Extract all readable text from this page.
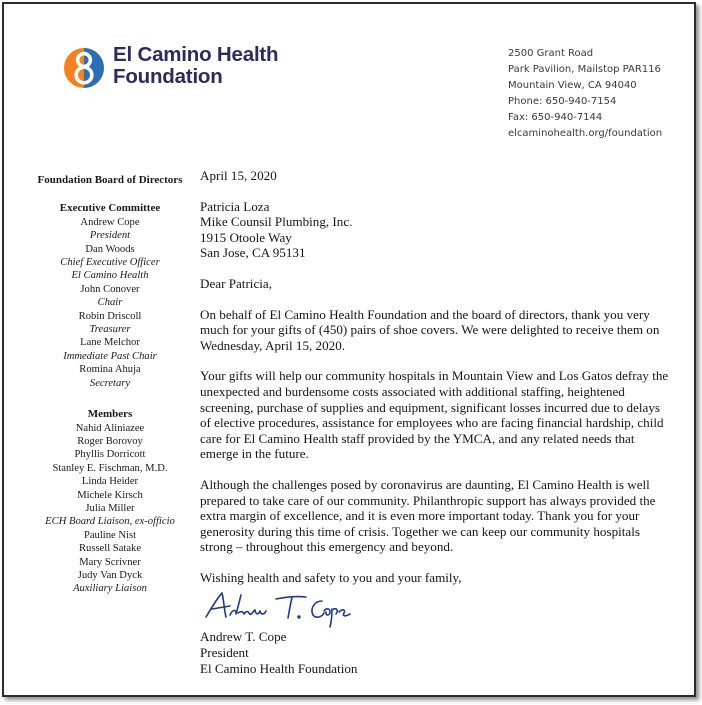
El Camino Health
Foundation
2500 Grant Road
Park Pavilion, Mailstop PAR116
Mountain View, CA 94040
Phone: 650-940-7154
Fax: 650-940-7144
elcaminohealth.org/foundation
Foundation Board of Directors
Executive Committee
Andrew Cope
President
Dan Woods
Chief Executive Officer
El Camino Health
John Conover
Chair
Robin Driscoll
Treasurer
Lane Melchor
Immediate Past Chair
Romina Ahuja
Secretary
Members
Nahid Aliniazee
Roger Borovoy
Phyllis Dorricott
Stanley E. Fischman, M.D.
Linda Heider
Michele Kirsch
Julia Miller
ECH Board Liaison, ex-officio
Pauline Nist
Russell Satake
Mary Scrivner
Judy Van Dyck
Auxiliary Liaison

April 15, 2020

Patricia Loza
Mike Counsil Plumbing, Inc.
1915 Otoole Way
San Jose, CA 95131

Dear Patricia,

On behalf of El Camino Health Foundation and the board of directors, thank you very
much for your gifts of (450) pairs of shoe covers. We were delighted to receive them on
Wednesday, April 15, 2020.
Your gifts will help our community hospitals in Mountain View and Los Gatos defray the
unexpected and burdensome costs associated with additional staffing, heightened
screening, purchase of supplies and equipment, significant losses incurred due to delays
of elective procedures, assistance for employees who are facing financial hardship, child
care for El Camino Health staff provided by the YMCA, and any related needs that
emerge in the future.
Although the challenges posed by coronavirus are daunting, El Camino Health is well
prepared to take care of our community. Philanthropic support has always provided the
extra margin of excellence, and it is even more important today. Thank you for your
generosity during this time of crisis. Together we can keep our community hospitals
strong – throughout this emergency and beyond.

Wishing health and safety to you and your family,

Andrew T. Cope
President
El Camino Health Foundation
